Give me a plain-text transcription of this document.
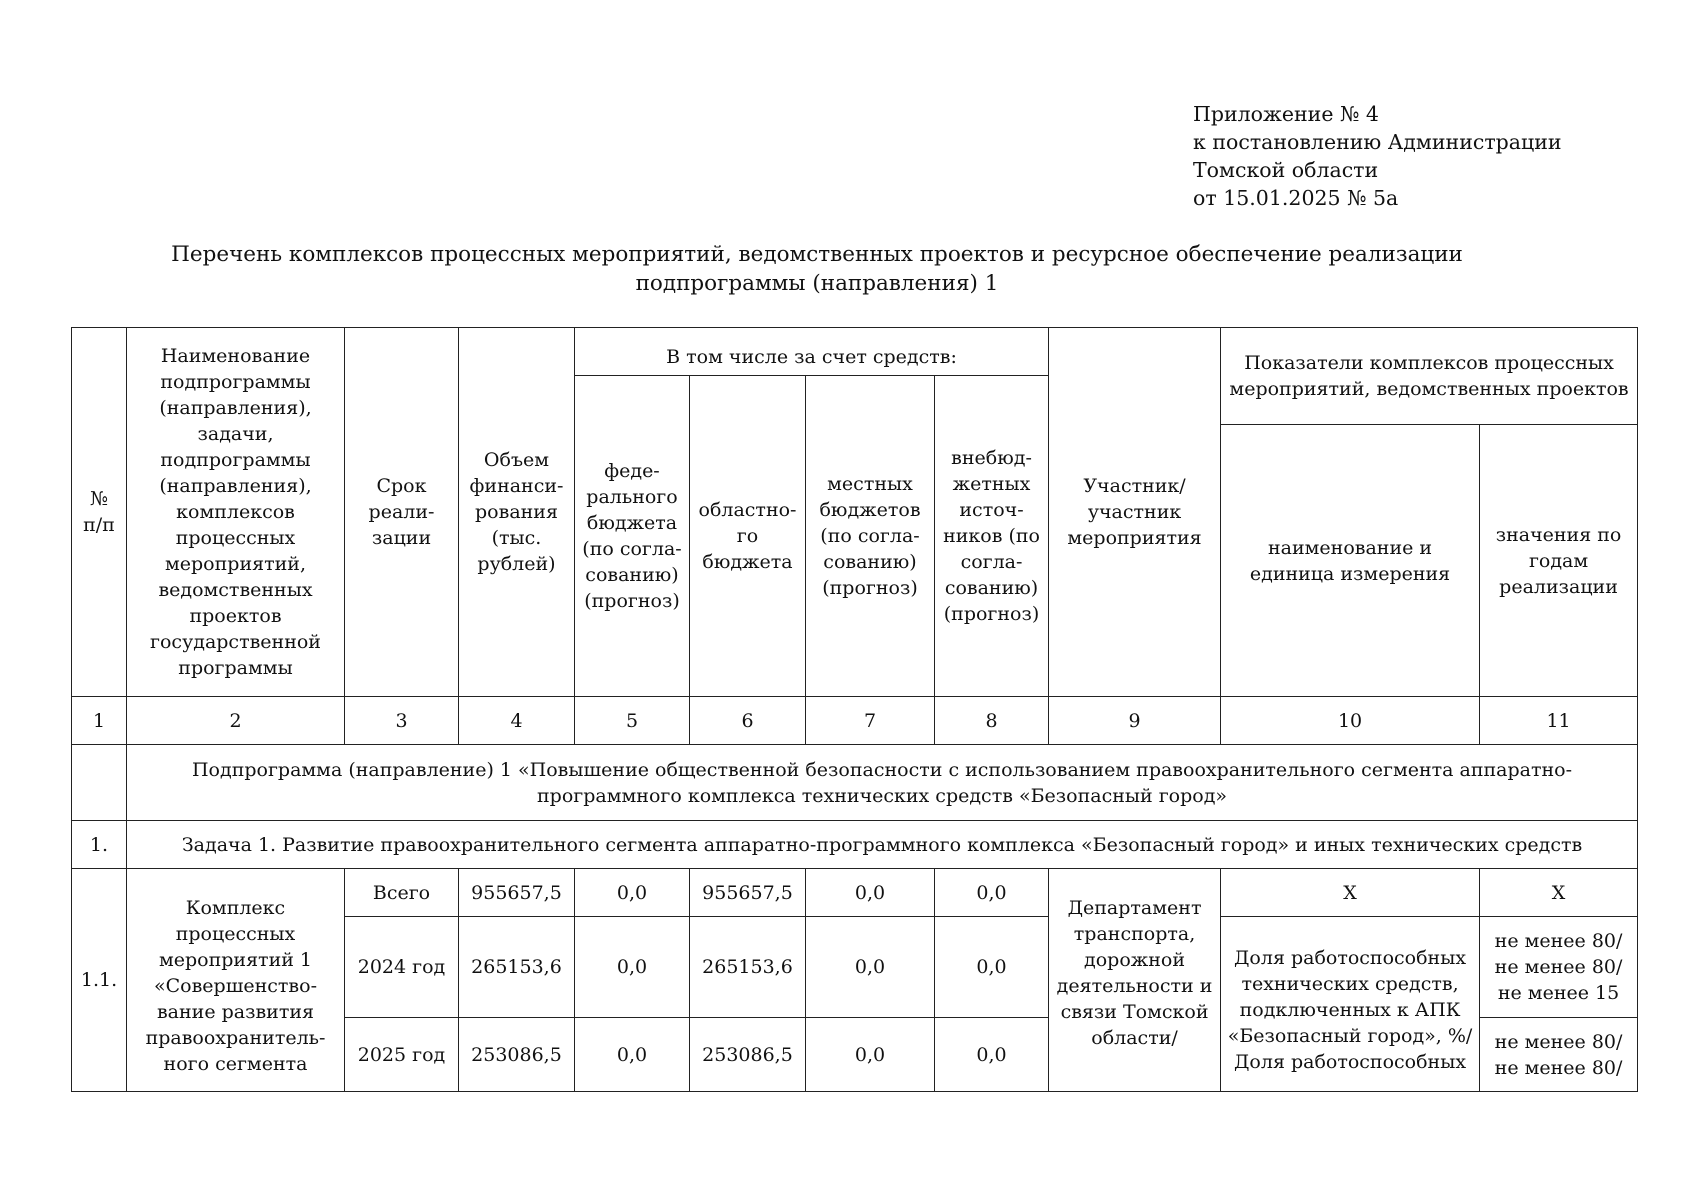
Приложение № 4
к постановлению Администрации
Томской области
от 15.01.2025 № 5а
Перечень комплексов процессных мероприятий, ведомственных проектов и ресурсное обеспечение реализации
подпрограммы (направления) 1
№ п/п	Наименование подпрограммы (направления), задачи, подпрограммы (направления), комплексов процессных мероприятий, ведомственных проектов государственной программы	Срок реали-зации	Объем финанси-рования (тыс. рублей)	В том числе за счет средств:				Участник/ участник мероприятия	Показатели комплексов процессных мероприятий, ведомственных проектов	
				феде-рального бюджета (по согла-сованию) (прогноз)	областно-го бюджета	местных бюджетов (по согла-сованию) (прогноз)	внебюд-жетных источ-ников (по согла-сованию) (прогноз)			
									наименование и единица измерения	значения по годам реализации
1	2	3	4	5	6	7	8	9	10	11
	Подпрограмма (направление) 1 «Повышение общественной безопасности с использованием правоохранительного сегмента аппаратно-программного комплекса технических средств «Безопасный город»									
1.	Задача 1. Развитие правоохранительного сегмента аппаратно-программного комплекса «Безопасный город» и иных технических средств									
1.1.	Комплекс процессных мероприятий 1 «Совершенство-вание развития правоохранитель-ного сегмента	Всего	955657,5	0,0	955657,5	0,0	0,0	Департамент транспорта, дорожной деятельности и связи Томской области/	Х	Х
		2024 год	265153,6	0,0	265153,6	0,0	0,0		Доля работоспособных технических средств, подключенных к АПК «Безопасный город», %/ Доля работоспособных	не менее 80/ не менее 80/ не менее 15
		2025 год	253086,5	0,0	253086,5	0,0	0,0			не менее 80/ не менее 80/
